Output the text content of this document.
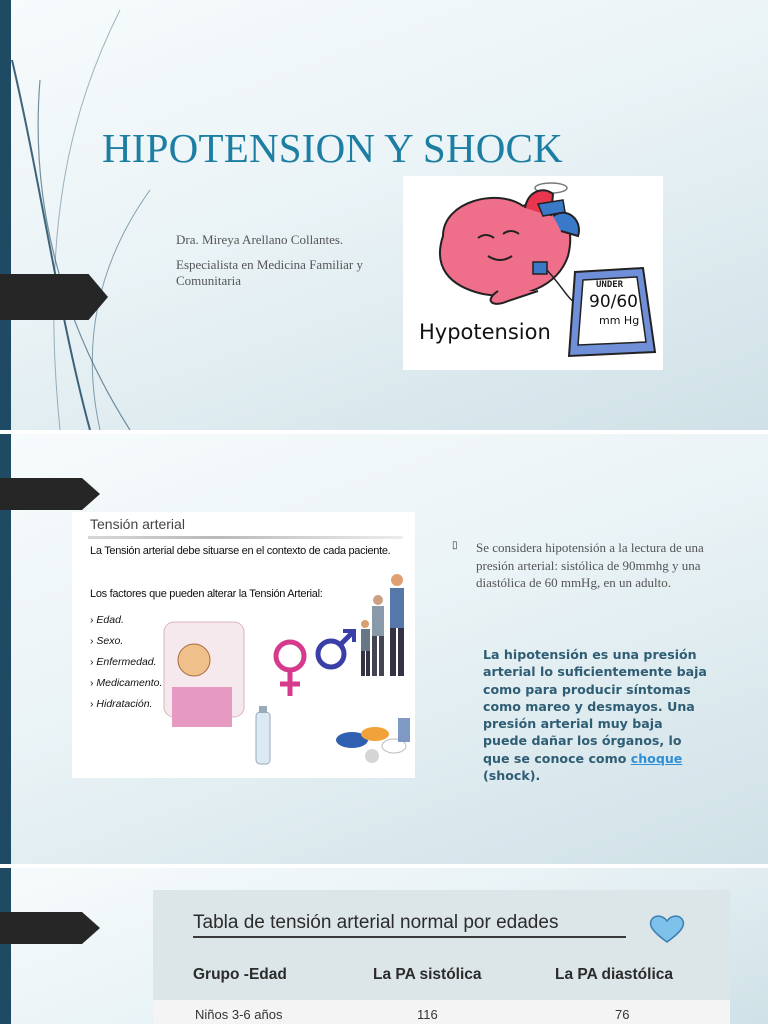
HIPOTENSION Y SHOCK
Dra. Mireya Arellano Collantes.
Especialista en Medicina Familiar y Comunitaria	UNDER
90/60
mm Hg
Hypotension
Tensión arterial
La Tensión arterial debe situarse en el contexto de cada paciente.
Los factores que pueden alterar la Tensión Arterial:
› Edad.
› Sexo.
› Enfermedad.
› Medicamento.
› Hidratación.
▯ Se considera hipotensión a la lectura de una presión arterial: sistólica de 90mmhg y una diastólica de 60 mmHg, en un adulto.
La hipotensión es una presión arterial lo suficientemente baja como para producir síntomas como mareo y desmayos. Una presión arterial muy baja puede dañar los órganos, lo que se conoce como choque (shock).
Tabla de tensión arterial normal por edades
Grupo -Edad	La PA sistólica	La PA diastólica
Niños 3-6 años	116	76
